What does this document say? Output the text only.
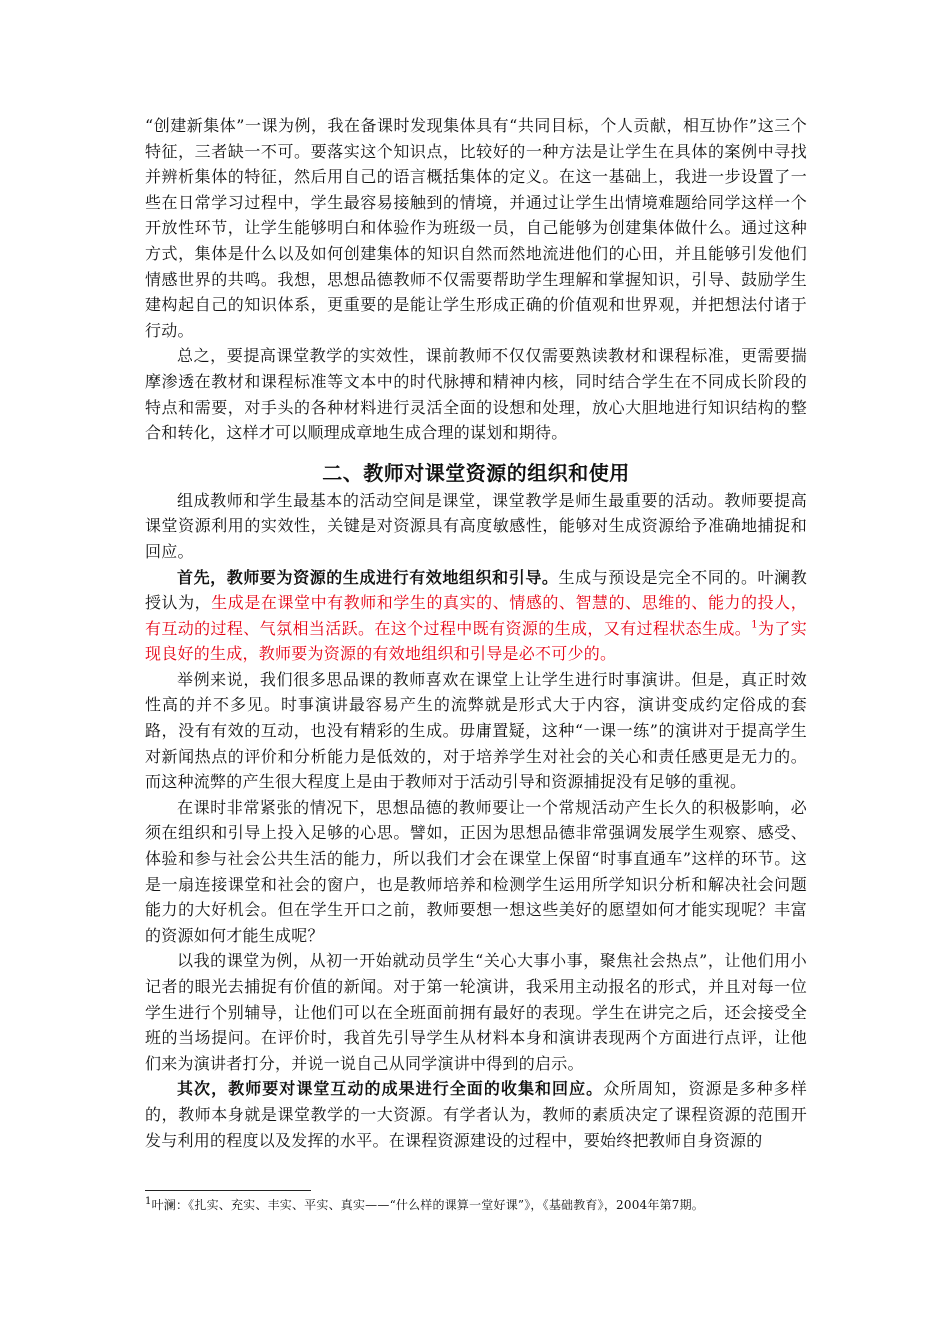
“创建新集体”一课为例，我在备课时发现集体具有“共同目标，个人贡献，相互协作”这三个特征，三者缺一不可。要落实这个知识点，比较好的一种方法是让学生在具体的案例中寻找并辨析集体的特征，然后用自己的语言概括集体的定义。在这一基础上，我进一步设置了一些在日常学习过程中，学生最容易接触到的情境，并通过让学生出情境难题给同学这样一个开放性环节，让学生能够明白和体验作为班级一员，自己能够为创建集体做什么。通过这种方式，集体是什么以及如何创建集体的知识自然而然地流进他们的心田，并且能够引发他们情感世界的共鸣。我想，思想品德教师不仅需要帮助学生理解和掌握知识，引导、鼓励学生建构起自己的知识体系，更重要的是能让学生形成正确的价值观和世界观，并把想法付诸于行动。

总之，要提高课堂教学的实效性，课前教师不仅仅需要熟读教材和课程标准，更需要揣摩渗透在教材和课程标准等文本中的时代脉搏和精神内核，同时结合学生在不同成长阶段的特点和需要，对手头的各种材料进行灵活全面的设想和处理，放心大胆地进行知识结构的整合和转化，这样才可以顺理成章地生成合理的谋划和期待。

二、教师对课堂资源的组织和使用

组成教师和学生最基本的活动空间是课堂，课堂教学是师生最重要的活动。教师要提高课堂资源利用的实效性，关键是对资源具有高度敏感性，能够对生成资源给予准确地捕捉和回应。

首先，教师要为资源的生成进行有效地组织和引导。生成与预设是完全不同的。叶澜教授认为，生成是在课堂中有教师和学生的真实的、情感的、智慧的、思维的、能力的投人，有互动的过程、气氛相当活跃。在这个过程中既有资源的生成，又有过程状态生成。$^1$为了实现良好的生成，教师要为资源的有效地组织和引导是必不可少的。

举例来说，我们很多思品课的教师喜欢在课堂上让学生进行时事演讲。但是，真正时效性高的并不多见。时事演讲最容易产生的流弊就是形式大于内容，演讲变成约定俗成的套路，没有有效的互动，也没有精彩的生成。毋庸置疑，这种“一课一练”的演讲对于提高学生对新闻热点的评价和分析能力是低效的，对于培养学生对社会的关心和责任感更是无力的。而这种流弊的产生很大程度上是由于教师对于活动引导和资源捕捉没有足够的重视。

在课时非常紧张的情况下，思想品德的教师要让一个常规活动产生长久的积极影响，必须在组织和引导上投入足够的心思。譬如，正因为思想品德非常强调发展学生观察、感受、体验和参与社会公共生活的能力，所以我们才会在课堂上保留“时事直通车”这样的环节。这是一扇连接课堂和社会的窗户，也是教师培养和检测学生运用所学知识分析和解决社会问题能力的大好机会。但在学生开口之前，教师要想一想这些美好的愿望如何才能实现呢？丰富的资源如何才能生成呢？

以我的课堂为例，从初一开始就动员学生“关心大事小事，聚焦社会热点”，让他们用小记者的眼光去捕捉有价值的新闻。对于第一轮演讲，我采用主动报名的形式，并且对每一位学生进行个别辅导，让他们可以在全班面前拥有最好的表现。学生在讲完之后，还会接受全班的当场提问。在评价时，我首先引导学生从材料本身和演讲表现两个方面进行点评，让他们来为演讲者打分，并说一说自己从同学演讲中得到的启示。

其次，教师要对课堂互动的成果进行全面的收集和回应。众所周知，资源是多种多样的，教师本身就是课堂教学的一大资源。有学者认为，教师的素质决定了课程资源的范围开发与利用的程度以及发挥的水平。在课程资源建设的过程中，要始终把教师自身资源的

$^1$叶澜：《扎实、充实、丰实、平实、真实——“什么样的课算一堂好课”》，《基础教育》，2004年第7期。
